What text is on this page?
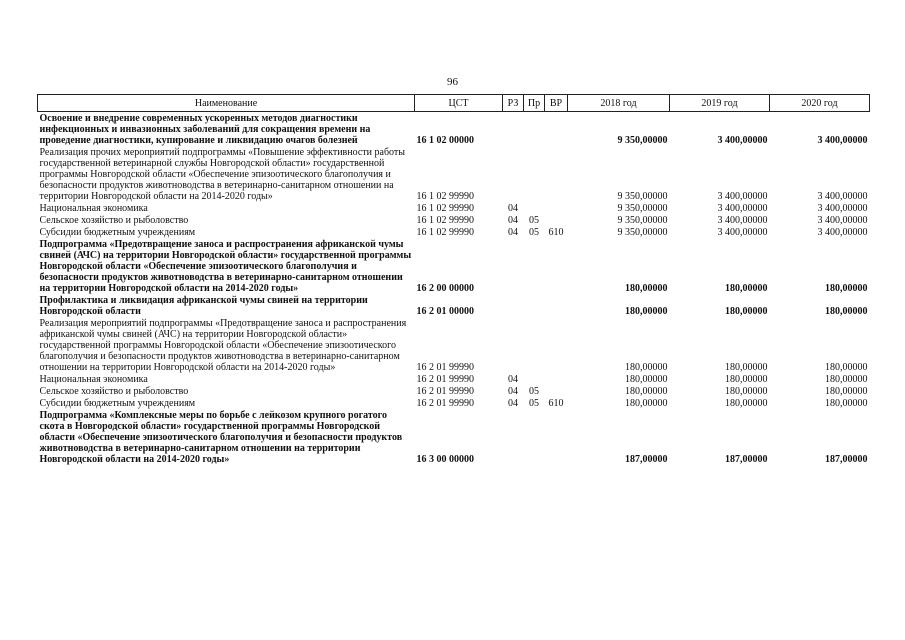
96
Наименование	ЦСТ	РЗ	Пр	ВР	2018 год	2019 год	2020 год
Освоение и внедрение современных ускоренных методов диагностики инфекционных и инвазионных заболеваний для сокращения времени на проведение диагностики, купирование и ликвидацию очагов болезней	16 1 02 00000				9 350,00000	3 400,00000	3 400,00000
Реализация прочих мероприятий подпрограммы «Повышение эффективности работы государственной ветеринарной службы Новгородской области» государственной программы Новгородской области «Обеспечение эпизоотического благополучия и безопасности продуктов животноводства в ветеринарно-санитарном отношении на территории Новгородской области на 2014-2020 годы»	16 1 02 99990				9 350,00000	3 400,00000	3 400,00000
Национальная экономика	16 1 02 99990	04			9 350,00000	3 400,00000	3 400,00000
Сельское хозяйство и рыболовство	16 1 02 99990	04	05		9 350,00000	3 400,00000	3 400,00000
Субсидии бюджетным учреждениям	16 1 02 99990	04	05	610	9 350,00000	3 400,00000	3 400,00000
Подпрограмма «Предотвращение заноса и распространения африканской чумы свиней (АЧС) на территории Новгородской области» государственной программы Новгородской области «Обеспечение эпизоотического благополучия и безопасности продуктов животноводства в ветеринарно-санитарном отношении на территории Новгородской области на 2014-2020 годы»	16 2 00 00000				180,00000	180,00000	180,00000
Профилактика и ликвидация африканской чумы свиней на территории Новгородской области	16 2 01 00000				180,00000	180,00000	180,00000
Реализация мероприятий подпрограммы «Предотвращение заноса и распространения африканской чумы свиней (АЧС) на территории Новгородской области» государственной программы Новгородской области «Обеспечение эпизоотического благополучия и безопасности продуктов животноводства в ветеринарно-санитарном отношении на территории Новгородской области на 2014-2020 годы»	16 2 01 99990				180,00000	180,00000	180,00000
Национальная экономика	16 2 01 99990	04			180,00000	180,00000	180,00000
Сельское хозяйство и рыболовство	16 2 01 99990	04	05		180,00000	180,00000	180,00000
Субсидии бюджетным учреждениям	16 2 01 99990	04	05	610	180,00000	180,00000	180,00000
Подпрограмма «Комплексные меры по борьбе с лейкозом крупного рогатого скота в Новгородской области» государственной программы Новгородской области «Обеспечение эпизоотического благополучия и безопасности продуктов животноводства в ветеринарно-санитарном отношении на территории Новгородской области на 2014-2020 годы»	16 3 00 00000				187,00000	187,00000	187,00000
